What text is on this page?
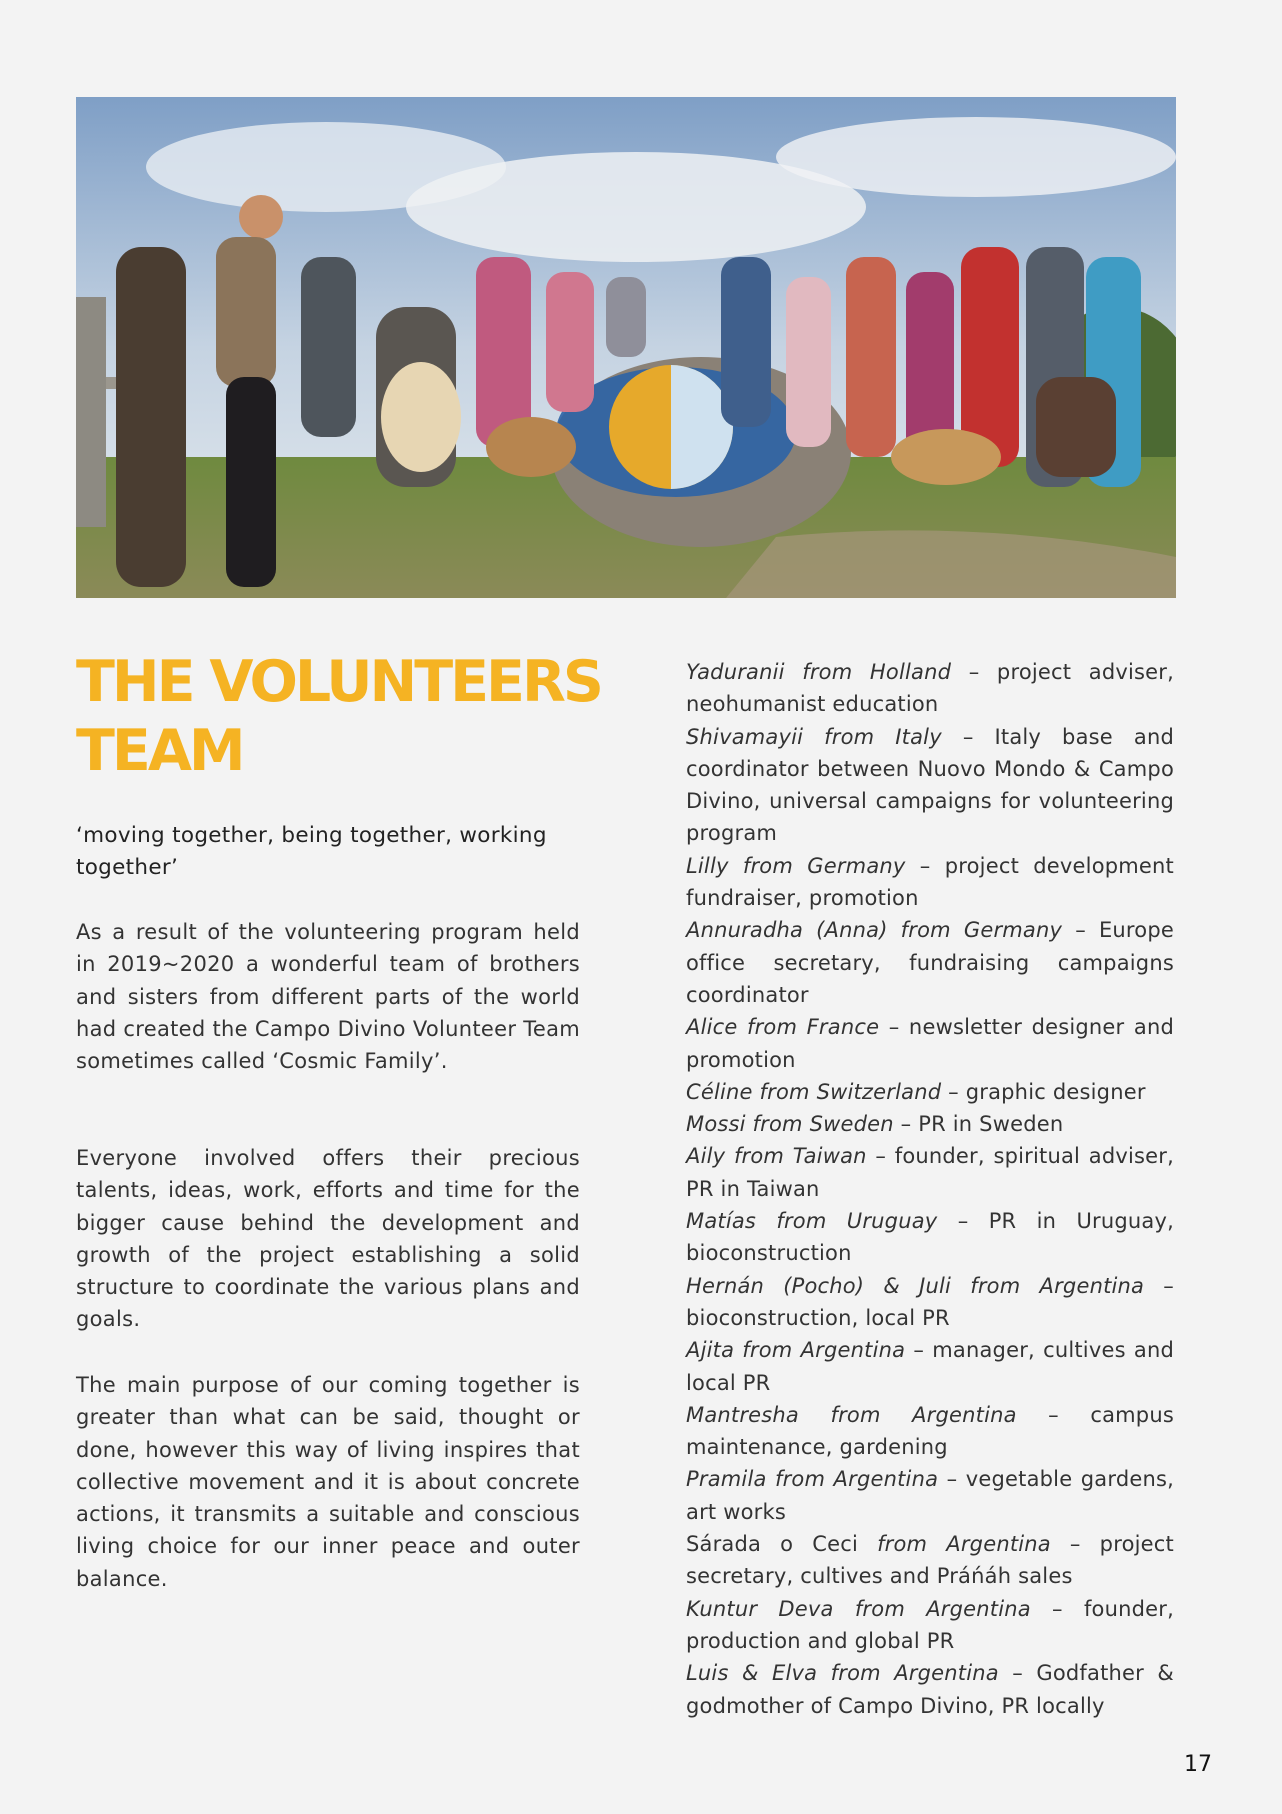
THE VOLUNTEERS TEAM
‘moving together, being together, working together’

As a result of the volunteering program held in 2019~2020 a wonderful team of brothers and sisters from different parts of the world had created the Campo Divino Volunteer Team sometimes called ‘Cosmic Family’.

Everyone involved offers their precious talents, ideas, work, efforts and time for the bigger cause behind the development and growth of the project establishing a solid structure to coordinate the various plans and goals.

The main purpose of our coming together is greater than what can be said, thought or done, however this way of living inspires that collective movement and it is about concrete actions, it transmits a suitable and conscious living choice for our inner peace and outer balance.

Yaduranii from Holland – project adviser, neohumanist education
Shivamayii from Italy – Italy base and coordinator between Nuovo Mondo & Campo Divino, universal campaigns for volunteering program
Lilly from Germany – project development fundraiser, promotion
Annuradha (Anna) from Germany – Europe office secretary, fundraising campaigns coordinator
Alice from France – newsletter designer and promotion
Céline from Switzerland – graphic designer
Mossi from Sweden – PR in Sweden
Aily from Taiwan – founder, spiritual adviser, PR in Taiwan
Matías from Uruguay – PR in Uruguay, bioconstruction
Hernán (Pocho) & Juli from Argentina – bioconstruction, local PR
Ajita from Argentina – manager, cultives and local PR
Mantresha from Argentina – campus maintenance, gardening
Pramila from Argentina – vegetable gardens, art works
Sárada o Ceci from Argentina – project secretary, cultives and Práńáh sales
Kuntur Deva from Argentina – founder, production and global PR
Luis & Elva from Argentina – Godfather & godmother of Campo Divino, PR locally
17
